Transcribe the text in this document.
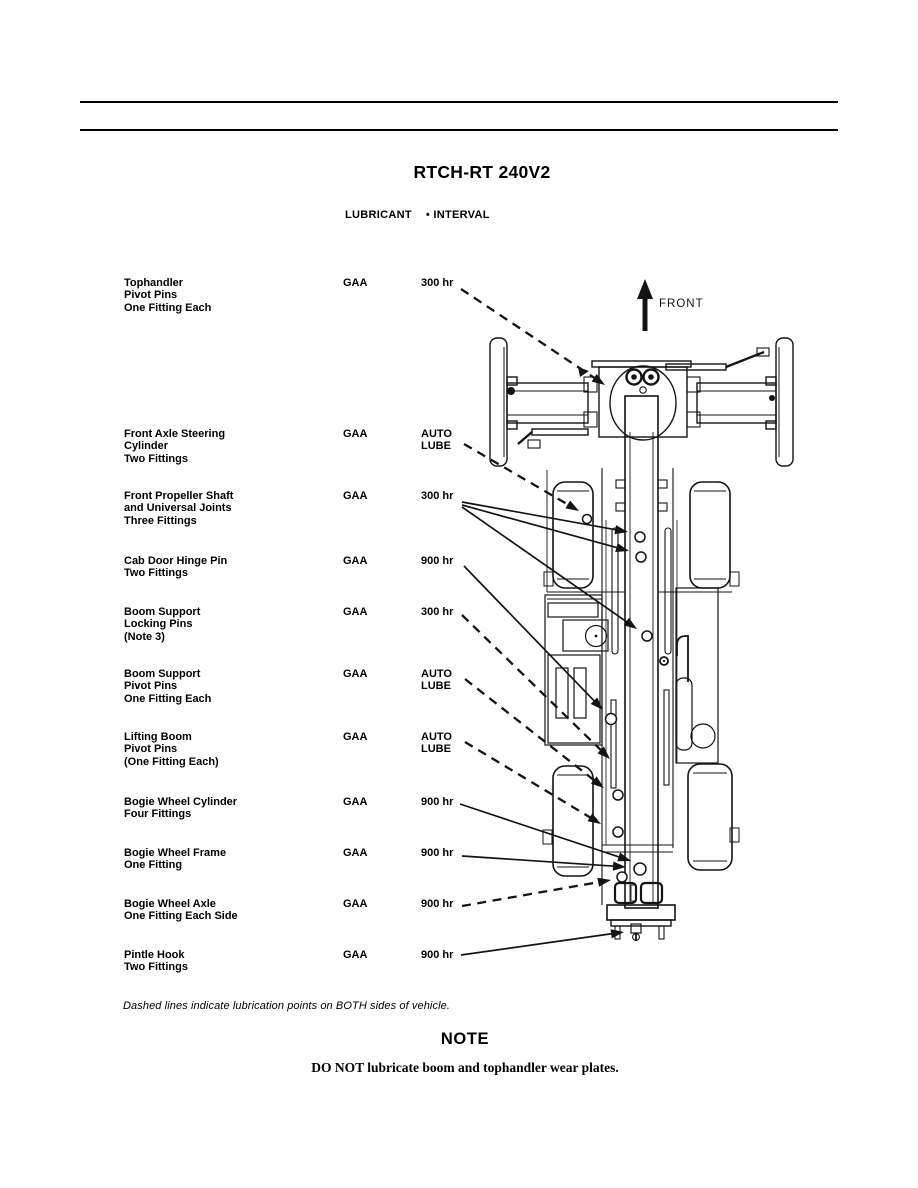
RTCH-RT 240V2
LUBRICANT • INTERVAL
Tophandler
Pivot Pins
One Fitting Each
GAA	300 hr
Front Axle Steering
Cylinder
Two Fittings
GAA	AUTO
LUBE
Front Propeller Shaft
and Universal Joints
Three Fittings
GAA	300 hr
Cab Door Hinge Pin
Two Fittings
GAA	900 hr
Boom Support
Locking Pins
(Note 3)
GAA	300 hr
Boom Support
Pivot Pins
One Fitting Each
GAA	AUTO
LUBE
Lifting Boom
Pivot Pins
(One Fitting Each)
GAA	AUTO
LUBE
Bogie Wheel Cylinder
Four Fittings
GAA	900 hr
Bogie Wheel Frame
One Fitting
GAA	900 hr
Bogie Wheel Axle
One Fitting Each Side
GAA	900 hr
Pintle Hook
Two Fittings
GAA	900 hr
FRONT
Dashed lines indicate lubrication points on BOTH sides of vehicle.
NOTE
DO NOT lubricate boom and tophandler wear plates.
